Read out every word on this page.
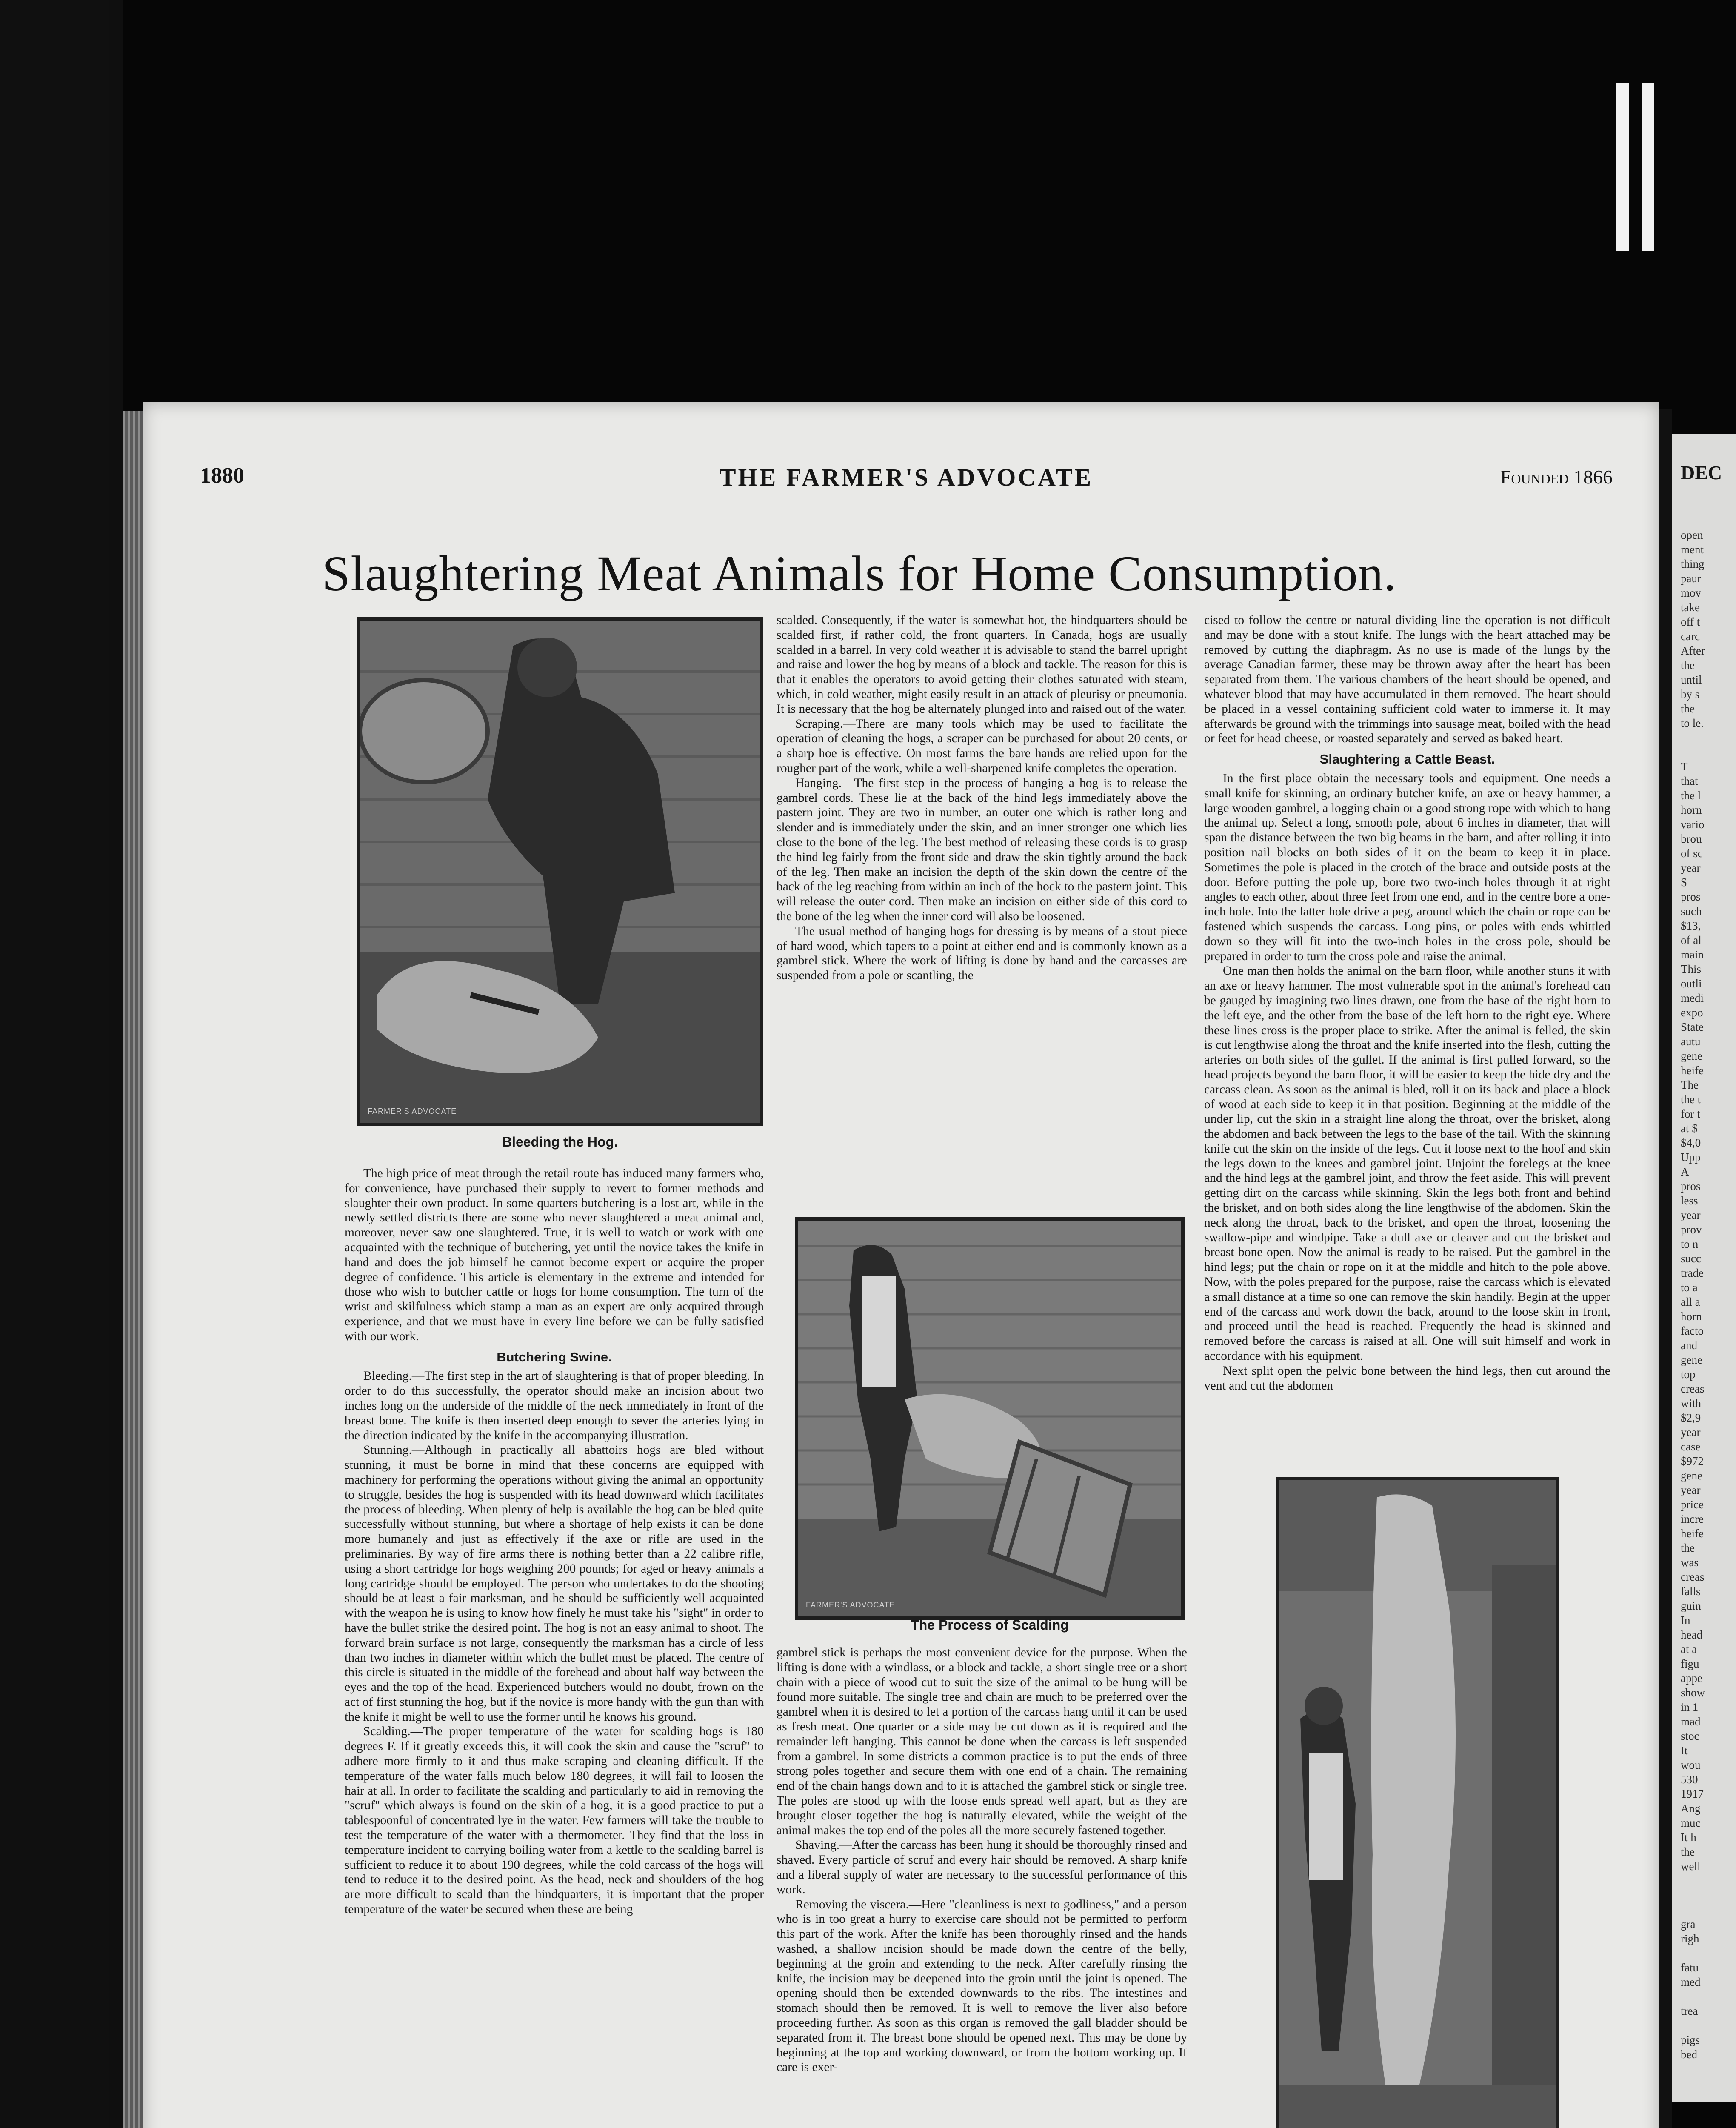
1880	THE FARMER'S ADVOCATE	Founded 1866
Slaughtering Meat Animals for Home Consumption.
FARMER'S ADVOCATE
Bleeding the Hog.

The high price of meat through the retail route has induced many farmers who, for convenience, have purchased their supply to revert to former methods and slaughter their own product. In some quarters butchering is a lost art, while in the newly settled districts there are some who never slaughtered a meat animal and, moreover, never saw one slaughtered. True, it is well to watch or work with one acquainted with the technique of butchering, yet until the novice takes the knife in hand and does the job himself he cannot become expert or acquire the proper degree of confidence. This article is elementary in the extreme and intended for those who wish to butcher cattle or hogs for home consumption. The turn of the wrist and skilfulness which stamp a man as an expert are only acquired through experience, and that we must have in every line before we can be fully satisfied with our work.

Butchering Swine.

Bleeding.—The first step in the art of slaughtering is that of proper bleeding. In order to do this successfully, the operator should make an incision about two inches long on the underside of the middle of the neck immediately in front of the breast bone. The knife is then inserted deep enough to sever the arteries lying in the direction indicated by the knife in the accompanying illustration.

Stunning.—Although in practically all abattoirs hogs are bled without stunning, it must be borne in mind that these concerns are equipped with machinery for performing the operations without giving the animal an opportunity to struggle, besides the hog is suspended with its head downward which facilitates the process of bleeding. When plenty of help is available the hog can be bled quite successfully without stunning, but where a shortage of help exists it can be done more humanely and just as effectively if the axe or rifle are used in the preliminaries. By way of fire arms there is nothing better than a 22 calibre rifle, using a short cartridge for hogs weighing 200 pounds; for aged or heavy animals a long cartridge should be employed. The person who undertakes to do the shooting should be at least a fair marksman, and he should be sufficiently well acquainted with the weapon he is using to know how finely he must take his "sight" in order to have the bullet strike the desired point. The hog is not an easy animal to shoot. The forward brain surface is not large, consequently the marksman has a circle of less than two inches in diameter within which the bullet must be placed. The centre of this circle is situated in the middle of the forehead and about half way between the eyes and the top of the head. Experienced butchers would no doubt, frown on the act of first stunning the hog, but if the novice is more handy with the gun than with the knife it might be well to use the former until he knows his ground.

Scalding.—The proper temperature of the water for scalding hogs is 180 degrees F. If it greatly exceeds this, it will cook the skin and cause the "scruf" to adhere more firmly to it and thus make scraping and cleaning difficult. If the temperature of the water falls much below 180 degrees, it will fail to loosen the hair at all. In order to facilitate the scalding and particularly to aid in removing the "scruf" which always is found on the skin of a hog, it is a good practice to put a tablespoonful of concentrated lye in the water. Few farmers will take the trouble to test the temperature of the water with a thermometer. They find that the loss in temperature incident to carrying boiling water from a kettle to the scalding barrel is sufficient to reduce it to about 190 degrees, while the cold carcass of the hogs will tend to reduce it to the desired point. As the head, neck and shoulders of the hog are more difficult to scald than the hindquarters, it is important that the proper temperature of the water be secured when these are being

scalded. Consequently, if the water is somewhat hot, the hindquarters should be scalded first, if rather cold, the front quarters. In Canada, hogs are usually scalded in a barrel. In very cold weather it is advisable to stand the barrel upright and raise and lower the hog by means of a block and tackle. The reason for this is that it enables the operators to avoid getting their clothes saturated with steam, which, in cold weather, might easily result in an attack of pleurisy or pneumonia. It is necessary that the hog be alternately plunged into and raised out of the water.

Scraping.—There are many tools which may be used to facilitate the operation of cleaning the hogs, a scraper can be purchased for about 20 cents, or a sharp hoe is effective. On most farms the bare hands are relied upon for the rougher part of the work, while a well-sharpened knife completes the operation.

Hanging.—The first step in the process of hanging a hog is to release the gambrel cords. These lie at the back of the hind legs immediately above the pastern joint. They are two in number, an outer one which is rather long and slender and is immediately under the skin, and an inner stronger one which lies close to the bone of the leg. The best method of releasing these cords is to grasp the hind leg fairly from the front side and draw the skin tightly around the back of the leg. Then make an incision the depth of the skin down the centre of the back of the leg reaching from within an inch of the hock to the pastern joint. This will release the outer cord. Then make an incision on either side of this cord to the bone of the leg when the inner cord will also be loosened.

The usual method of hanging hogs for dressing is by means of a stout piece of hard wood, which tapers to a point at either end and is commonly known as a gambrel stick. Where the work of lifting is done by hand and the carcasses are suspended from a pole or scantling, the

FARMER'S ADVOCATE
The Process of Scalding

gambrel stick is perhaps the most convenient device for the purpose. When the lifting is done with a windlass, or a block and tackle, a short single tree or a short chain with a piece of wood cut to suit the size of the animal to be hung will be found more suitable. The single tree and chain are much to be preferred over the gambrel when it is desired to let a portion of the carcass hang until it can be used as fresh meat. One quarter or a side may be cut down as it is required and the remainder left hanging. This cannot be done when the carcass is left suspended from a gambrel. In some districts a common practice is to put the ends of three strong poles together and secure them with one end of a chain. The remaining end of the chain hangs down and to it is attached the gambrel stick or single tree. The poles are stood up with the loose ends spread well apart, but as they are brought closer together the hog is naturally elevated, while the weight of the animal makes the top end of the poles all the more securely fastened together.

Shaving.—After the carcass has been hung it should be thoroughly rinsed and shaved. Every particle of scruf and every hair should be removed. A sharp knife and a liberal supply of water are necessary to the successful performance of this work.

Removing the viscera.—Here "cleanliness is next to godliness," and a person who is in too great a hurry to exercise care should not be permitted to perform this part of the work. After the knife has been thoroughly rinsed and the hands washed, a shallow incision should be made down the centre of the belly, beginning at the groin and extending to the neck. After carefully rinsing the knife, the incision may be deepened into the groin until the joint is opened. The opening should then be extended downwards to the ribs. The intestines and stomach should then be removed. It is well to remove the liver also before proceeding further. As soon as this organ is removed the gall bladder should be separated from it. The breast bone should be opened next. This may be done by beginning at the top and working downward, or from the bottom working up. If care is exer-

cised to follow the centre or natural dividing line the operation is not difficult and may be done with a stout knife. The lungs with the heart attached may be removed by cutting the diaphragm. As no use is made of the lungs by the average Canadian farmer, these may be thrown away after the heart has been separated from them. The various chambers of the heart should be opened, and whatever blood that may have accumulated in them removed. The heart should be placed in a vessel containing sufficient cold water to immerse it. It may afterwards be ground with the trimmings into sausage meat, boiled with the head or feet for head cheese, or roasted separately and served as baked heart.

Slaughtering a Cattle Beast.

In the first place obtain the necessary tools and equipment. One needs a small knife for skinning, an ordinary butcher knife, an axe or heavy hammer, a large wooden gambrel, a logging chain or a good strong rope with which to hang the animal up. Select a long, smooth pole, about 6 inches in diameter, that will span the distance between the two big beams in the barn, and after rolling it into position nail blocks on both sides of it on the beam to keep it in place. Sometimes the pole is placed in the crotch of the brace and outside posts at the door. Before putting the pole up, bore two two-inch holes through it at right angles to each other, about three feet from one end, and in the centre bore a one-inch hole. Into the latter hole drive a peg, around which the chain or rope can be fastened which suspends the carcass. Long pins, or poles with ends whittled down so they will fit into the two-inch holes in the cross pole, should be prepared in order to turn the cross pole and raise the animal.

One man then holds the animal on the barn floor, while another stuns it with an axe or heavy hammer. The most vulnerable spot in the animal's forehead can be gauged by imagining two lines drawn, one from the base of the right horn to the left eye, and the other from the base of the left horn to the right eye. Where these lines cross is the proper place to strike. After the animal is felled, the skin is cut lengthwise along the throat and the knife inserted into the flesh, cutting the arteries on both sides of the gullet. If the animal is first pulled forward, so the head projects beyond the barn floor, it will be easier to keep the hide dry and the carcass clean. As soon as the animal is bled, roll it on its back and place a block of wood at each side to keep it in that position. Beginning at the middle of the under lip, cut the skin in a straight line along the throat, over the brisket, along the abdomen and back between the legs to the base of the tail. With the skinning knife cut the skin on the inside of the legs. Cut it loose next to the hoof and skin the legs down to the knees and gambrel joint. Unjoint the forelegs at the knee and the hind legs at the gambrel joint, and throw the feet aside. This will prevent getting dirt on the carcass while skinning. Skin the legs both front and behind the brisket, and on both sides along the line lengthwise of the abdomen. Skin the neck along the throat, back to the brisket, and open the throat, loosening the swallow-pipe and windpipe. Take a dull axe or cleaver and cut the brisket and breast bone open. Now the animal is ready to be raised. Put the gambrel in the hind legs; put the chain or rope on it at the middle and hitch to the pole above. Now, with the poles prepared for the purpose, raise the carcass which is elevated a small distance at a time so one can remove the skin handily. Begin at the upper end of the carcass and work down the back, around to the loose skin in front, and proceed until the head is reached. Frequently the head is skinned and removed before the carcass is raised at all. One will suit himself and work in accordance with his equipment.

Next split open the pelvic bone between the hind legs, then cut around the vent and cut the abdomen

DEC
open
ment
thing
paur
mov
take
off t
carc
After
the
until
by s
the
to le.

T
that
the l
horn
vario
brou
of sc
year
S
pros
such
$13,
of al
main
This
outli
medi
expo
State
autu
gene
heife
The
the t
for t
at $
$4,0
Upp
A
pros
less
year
prov
to n
succ
trade
to a
all a
horn
facto
and
gene
top
creas
with
$2,9
year
case
$972
gene
year
price
incre
heife
the
was
creas
falls
guin
In
head
at a
figu
appe
show
in 1
mad
stoc
It
wou
530
1917
Ang
muc
It h
the
well

gra
righ

fatu
med

trea

pigs
bed
